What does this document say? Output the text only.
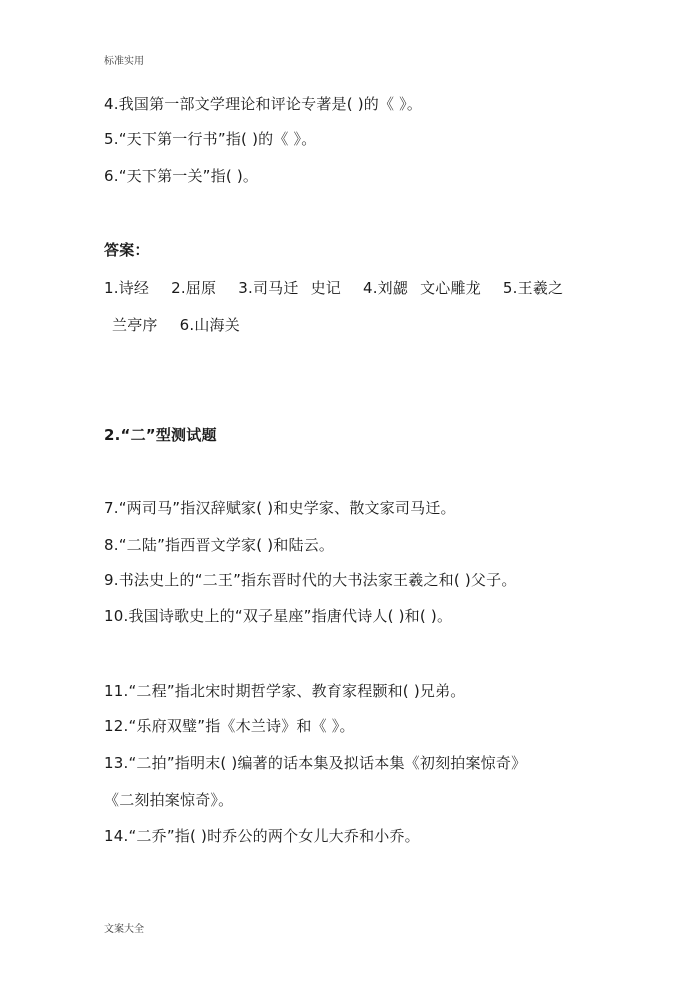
标准实用
4.我国第一部文学理论和评论专著是( )的《 》。
5.“天下第一行书”指( )的《 》。
6.“天下第一关”指( )。
答案：
1.诗经 2.屈原 3.司马迁 史记 4.刘勰 文心雕龙 5.王羲之
兰亭序 6.山海关
2.“二”型测试题
7.“两司马”指汉辞赋家( )和史学家、散文家司马迁。
8.“二陆”指西晋文学家( )和陆云。
9.书法史上的“二王”指东晋时代的大书法家王羲之和( )父子。
10.我国诗歌史上的“双子星座”指唐代诗人( )和( )。
11.“二程”指北宋时期哲学家、教育家程颢和( )兄弟。
12.“乐府双璧”指《木兰诗》和《 》。
13.“二拍”指明末( )编著的话本集及拟话本集《初刻拍案惊奇》
《二刻拍案惊奇》。
14.“二乔”指( )时乔公的两个女儿大乔和小乔。
文案大全
